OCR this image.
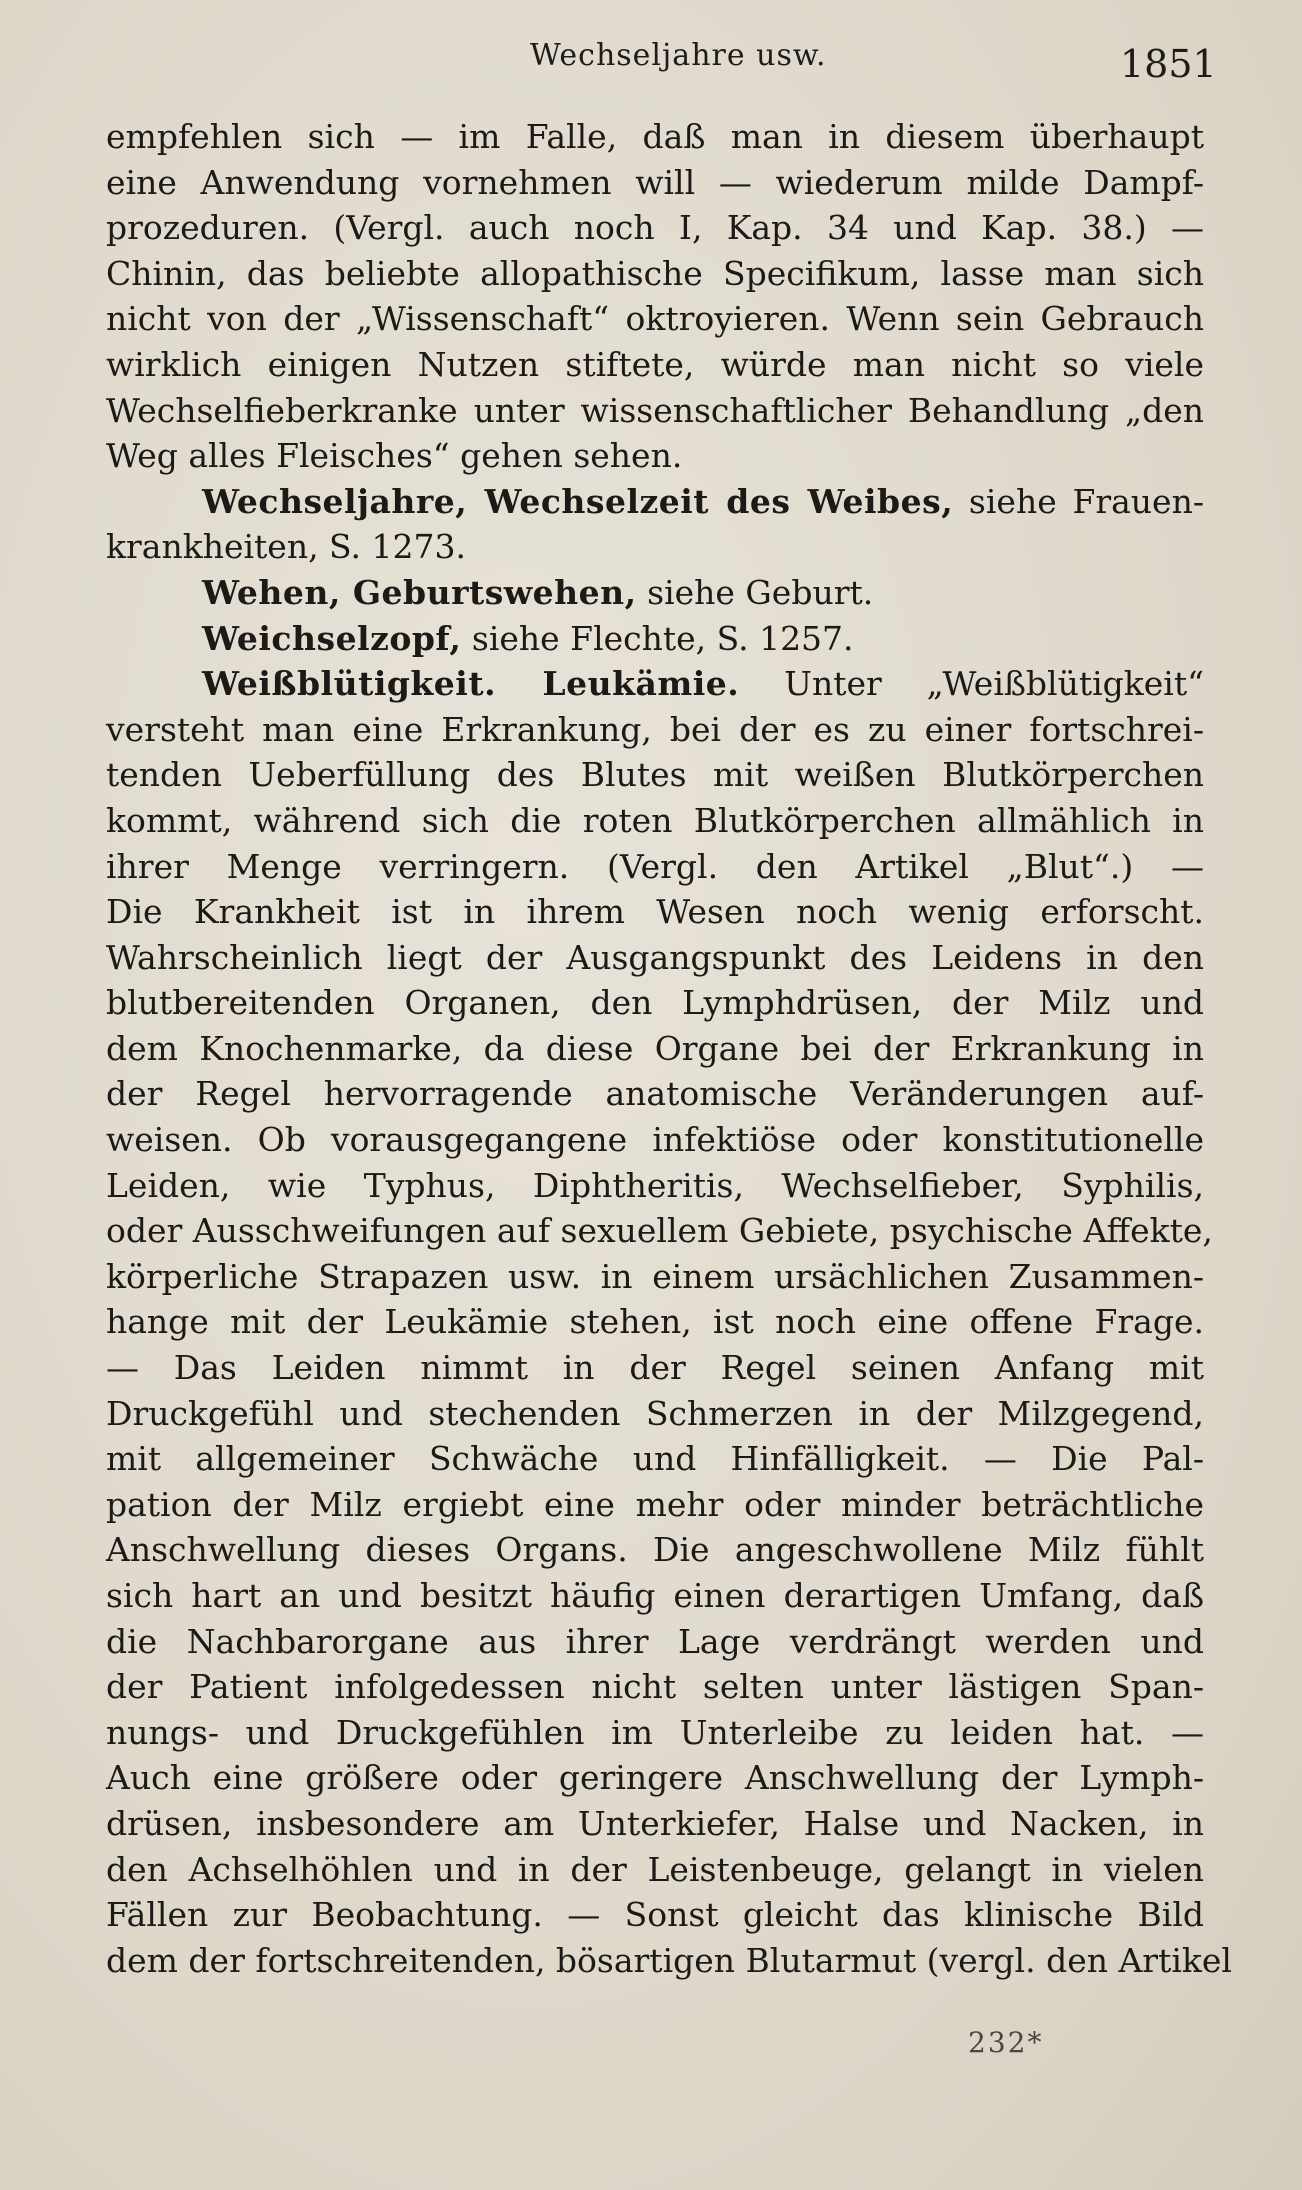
Wechseljahre usw.	1851
empfehlen sich — im Falle, daß man in diesem überhaupt
eine Anwendung vornehmen will — wiederum milde Dampf-
prozeduren. (Vergl. auch noch I, Kap. 34 und Kap. 38.) —
Chinin, das beliebte allopathische Specifikum, lasse man sich
nicht von der „Wissenschaft“ oktroyieren. Wenn sein Gebrauch
wirklich einigen Nutzen stiftete, würde man nicht so viele
Wechselfieberkranke unter wissenschaftlicher Behandlung „den
Weg alles Fleisches“ gehen sehen.
Wechseljahre, Wechselzeit des Weibes, siehe Frauen-
krankheiten, S. 1273.
Wehen, Geburtswehen, siehe Geburt.
Weichselzopf, siehe Flechte, S. 1257.
Weißblütigkeit. Leukämie. Unter „Weißblütigkeit“
versteht man eine Erkrankung, bei der es zu einer fortschrei-
tenden Ueberfüllung des Blutes mit weißen Blutkörperchen
kommt, während sich die roten Blutkörperchen allmählich in
ihrer Menge verringern. (Vergl. den Artikel „Blut“.) —
Die Krankheit ist in ihrem Wesen noch wenig erforscht.
Wahrscheinlich liegt der Ausgangspunkt des Leidens in den
blutbereitenden Organen, den Lymphdrüsen, der Milz und
dem Knochenmarke, da diese Organe bei der Erkrankung in
der Regel hervorragende anatomische Veränderungen auf-
weisen. Ob vorausgegangene infektiöse oder konstitutionelle
Leiden, wie Typhus, Diphtheritis, Wechselfieber, Syphilis,
oder Ausschweifungen auf sexuellem Gebiete, psychische Affekte,
körperliche Strapazen usw. in einem ursächlichen Zusammen-
hange mit der Leukämie stehen, ist noch eine offene Frage.
— Das Leiden nimmt in der Regel seinen Anfang mit
Druckgefühl und stechenden Schmerzen in der Milzgegend,
mit allgemeiner Schwäche und Hinfälligkeit. — Die Pal-
pation der Milz ergiebt eine mehr oder minder beträchtliche
Anschwellung dieses Organs. Die angeschwollene Milz fühlt
sich hart an und besitzt häufig einen derartigen Umfang, daß
die Nachbarorgane aus ihrer Lage verdrängt werden und
der Patient infolgedessen nicht selten unter lästigen Span-
nungs- und Druckgefühlen im Unterleibe zu leiden hat. —
Auch eine größere oder geringere Anschwellung der Lymph-
drüsen, insbesondere am Unterkiefer, Halse und Nacken, in
den Achselhöhlen und in der Leistenbeuge, gelangt in vielen
Fällen zur Beobachtung. — Sonst gleicht das klinische Bild
dem der fortschreitenden, bösartigen Blutarmut (vergl. den Artikel
232*
